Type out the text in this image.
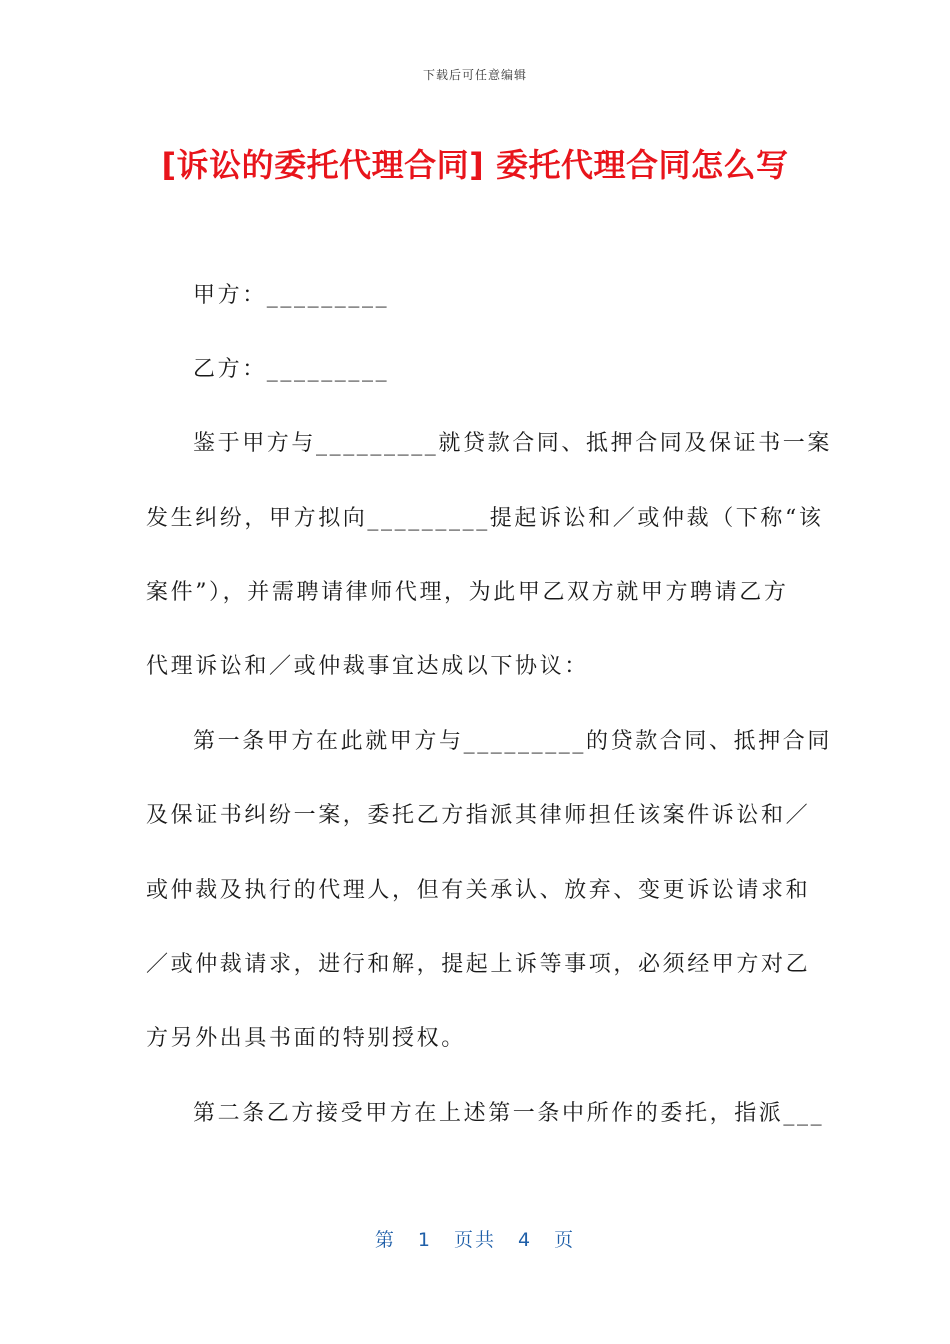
下载后可任意编辑
[诉讼的委托代理合同] 委托代理合同怎么写
甲方：_________
乙方：_________
鉴于甲方与_________就贷款合同、抵押合同及保证书一案
发生纠纷，甲方拟向_________提起诉讼和／或仲裁（下称“该
案件”），并需聘请律师代理，为此甲乙双方就甲方聘请乙方
代理诉讼和／或仲裁事宜达成以下协议：
第一条甲方在此就甲方与_________的贷款合同、抵押合同
及保证书纠纷一案，委托乙方指派其律师担任该案件诉讼和／
或仲裁及执行的代理人，但有关承认、放弃、变更诉讼请求和
／或仲裁请求，进行和解，提起上诉等事项，必须经甲方对乙
方另外出具书面的特别授权。
第二条乙方接受甲方在上述第一条中所作的委托，指派___
第 1 页共 4 页
